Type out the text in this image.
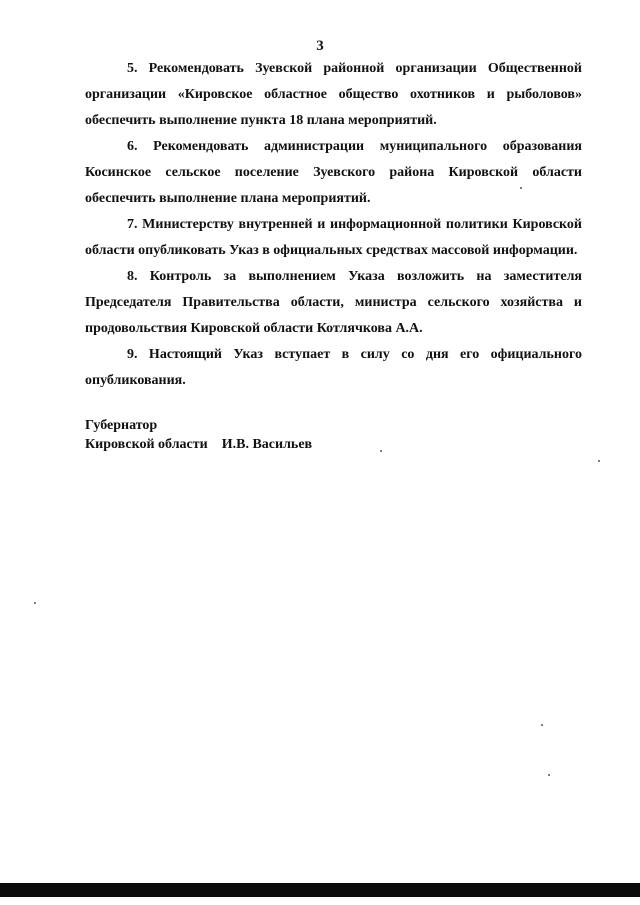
3

5. Рекомендовать Зуевской районной организации Общественной организации «Кировское областное общество охотников и рыболовов» обеспечить выполнение пункта 18 плана мероприятий.

6. Рекомендовать администрации муниципального образования Косинское сельское поселение Зуевского района Кировской области обеспечить выполнение плана мероприятий.

7. Министерству внутренней и информационной политики Кировской области опубликовать Указ в официальных средствах массовой информации.

8. Контроль за выполнением Указа возложить на заместителя Председателя Правительства области, министра сельского хозяйства и продовольствия Кировской области Котлячкова А.А.

9. Настоящий Указ вступает в силу со дня его официального опубликования.

Губернатор
Кировской области И.В. Васильев
